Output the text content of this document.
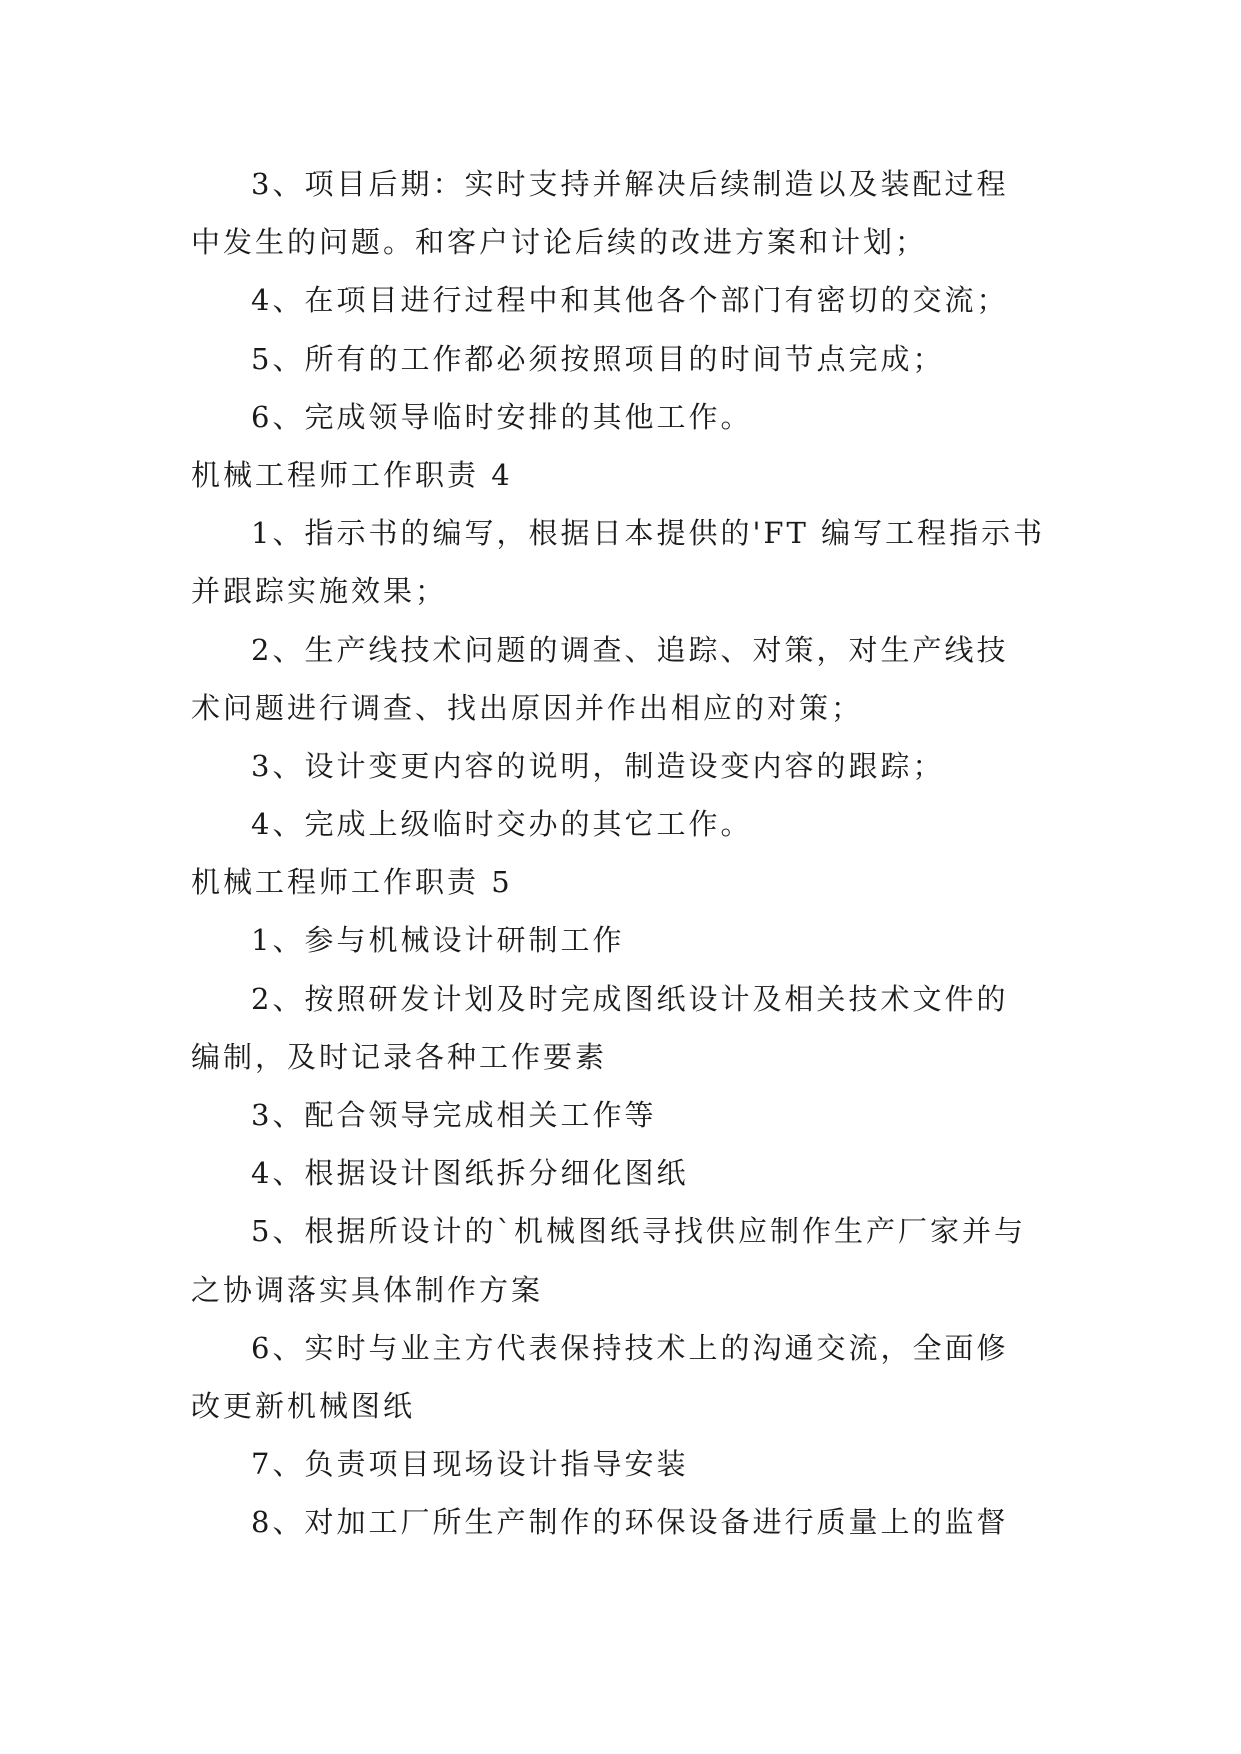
3、项目后期：实时支持并解决后续制造以及装配过程
中发生的问题。和客户讨论后续的改进方案和计划；
4、在项目进行过程中和其他各个部门有密切的交流；
5、所有的工作都必须按照项目的时间节点完成；
6、完成领导临时安排的其他工作。
机械工程师工作职责 4
1、指示书的编写，根据日本提供的'FT 编写工程指示书
并跟踪实施效果；
2、生产线技术问题的调查、追踪、对策，对生产线技
术问题进行调查、找出原因并作出相应的对策；
3、设计变更内容的说明，制造设变内容的跟踪；
4、完成上级临时交办的其它工作。
机械工程师工作职责 5
1、参与机械设计研制工作
2、按照研发计划及时完成图纸设计及相关技术文件的
编制，及时记录各种工作要素
3、配合领导完成相关工作等
4、根据设计图纸拆分细化图纸
5、根据所设计的`机械图纸寻找供应制作生产厂家并与
之协调落实具体制作方案
6、实时与业主方代表保持技术上的沟通交流，全面修
改更新机械图纸
7、负责项目现场设计指导安装
8、对加工厂所生产制作的环保设备进行质量上的监督
